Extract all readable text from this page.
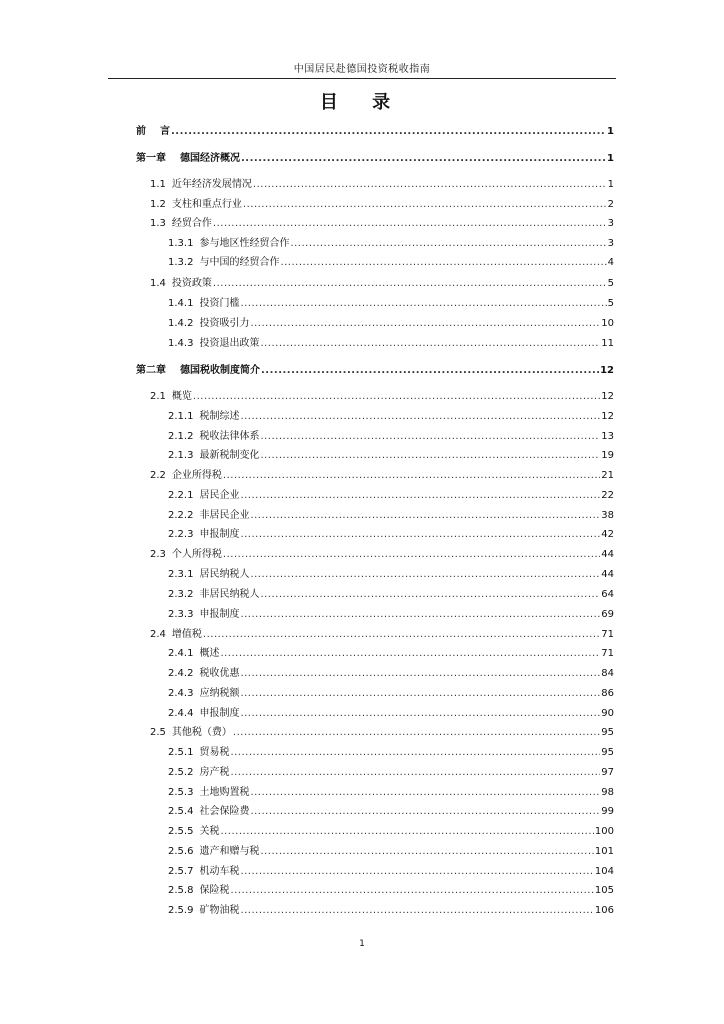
中国居民赴德国投资税收指南
目 录
前 言 .....	1
第一章 德国经济概况 .....	1
1.1 近年经济发展情况 .....	1
1.2 支柱和重点行业 .....	2
1.3 经贸合作 .....	3
1.3.1 参与地区性经贸合作 .....	3
1.3.2 与中国的经贸合作 .....	4
1.4 投资政策 .....	5
1.4.1 投资门槛 .....	5
1.4.2 投资吸引力 .....	10
1.4.3 投资退出政策 .....	11
第二章 德国税收制度简介 .....	12
2.1 概览 .....	12
2.1.1 税制综述 .....	12
2.1.2 税收法律体系 .....	13
2.1.3 最新税制变化 .....	19
2.2 企业所得税 .....	21
2.2.1 居民企业 .....	22
2.2.2 非居民企业 .....	38
2.2.3 申报制度 .....	42
2.3 个人所得税 .....	44
2.3.1 居民纳税人 .....	44
2.3.2 非居民纳税人 .....	64
2.3.3 申报制度 .....	69
2.4 增值税 .....	71
2.4.1 概述 .....	71
2.4.2 税收优惠 .....	84
2.4.3 应纳税额 .....	86
2.4.4 申报制度 .....	90
2.5 其他税（费） .....	95
2.5.1 贸易税 .....	95
2.5.2 房产税 .....	97
2.5.3 土地购置税 .....	98
2.5.4 社会保险费 .....	99
2.5.5 关税 .....	100
2.5.6 遗产和赠与税 .....	101
2.5.7 机动车税 .....	104
2.5.8 保险税 .....	105
2.5.9 矿物油税 .....	106
1
